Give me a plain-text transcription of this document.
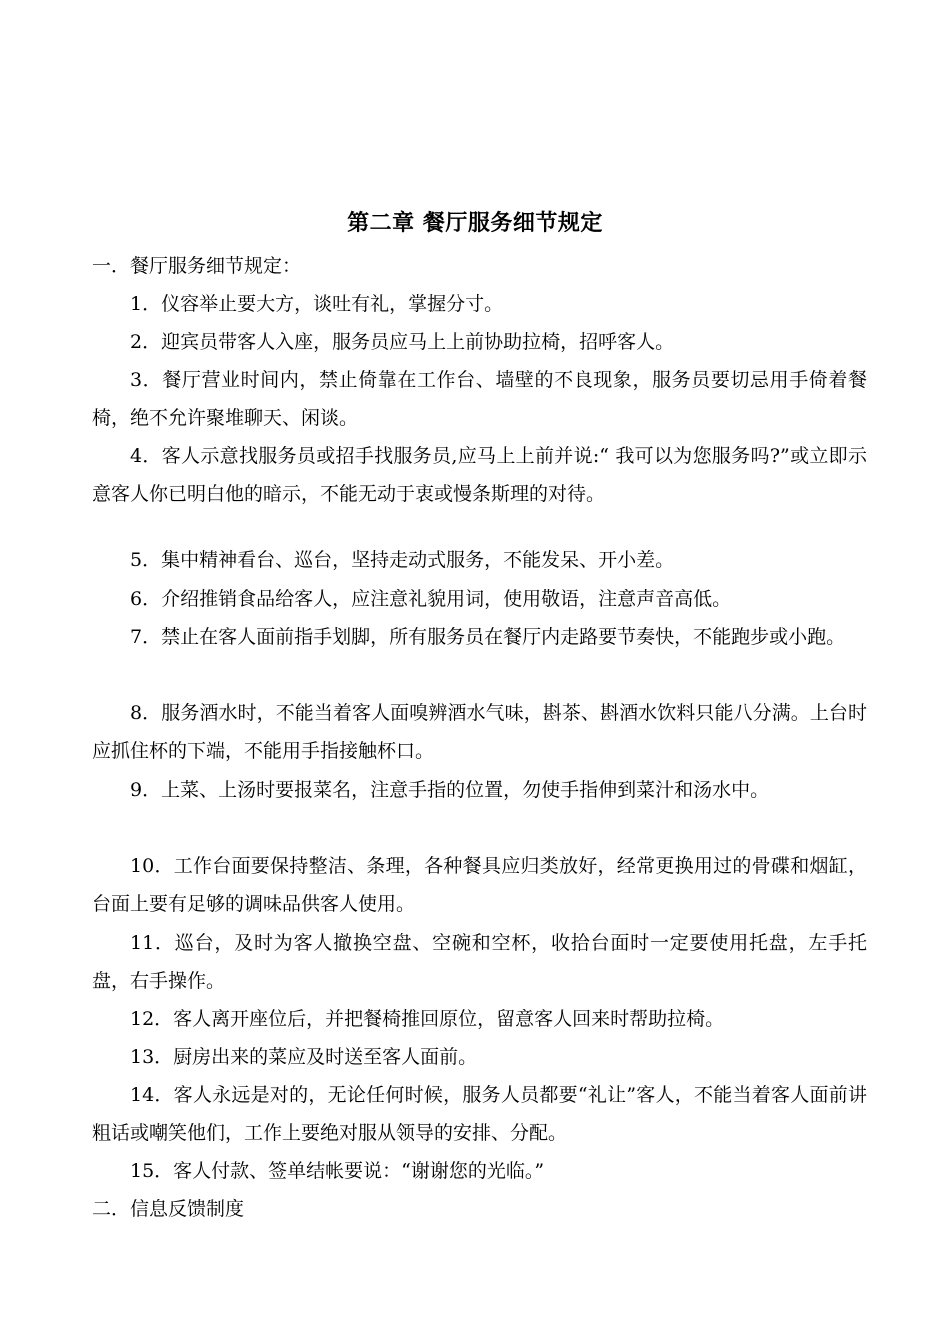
第二章 餐厅服务细节规定
一．餐厅服务细节规定：
1．仪容举止要大方，谈吐有礼，掌握分寸。
2．迎宾员带客人入座，服务员应马上上前协助拉椅，招呼客人。
3．餐厅营业时间内，禁止倚靠在工作台、墙壁的不良现象，服务员要切忌用手倚着餐椅，绝不允许聚堆聊天、闲谈。
4．客人示意找服务员或招手找服务员,应马上上前并说:“ 我可以为您服务吗?”或立即示意客人你已明白他的暗示，不能无动于衷或慢条斯理的对待。
5．集中精神看台、巡台，坚持走动式服务，不能发呆、开小差。
6．介绍推销食品给客人，应注意礼貌用词，使用敬语，注意声音高低。
7．禁止在客人面前指手划脚，所有服务员在餐厅内走路要节奏快，不能跑步或小跑。
8．服务酒水时，不能当着客人面嗅辨酒水气味，斟茶、斟酒水饮料只能八分满。上台时应抓住杯的下端，不能用手指接触杯口。
9．上菜、上汤时要报菜名，注意手指的位置，勿使手指伸到菜汁和汤水中。
10．工作台面要保持整洁、条理，各种餐具应归类放好，经常更换用过的骨碟和烟缸，台面上要有足够的调味品供客人使用。
11．巡台，及时为客人撤换空盘、空碗和空杯，收拾台面时一定要使用托盘，左手托盘，右手操作。
12．客人离开座位后，并把餐椅推回原位，留意客人回来时帮助拉椅。
13．厨房出来的菜应及时送至客人面前。
14．客人永远是对的，无论任何时候，服务人员都要“礼让”客人，不能当着客人面前讲粗话或嘲笑他们，工作上要绝对服从领导的安排、分配。
15．客人付款、签单结帐要说：“谢谢您的光临。”
二．信息反馈制度
